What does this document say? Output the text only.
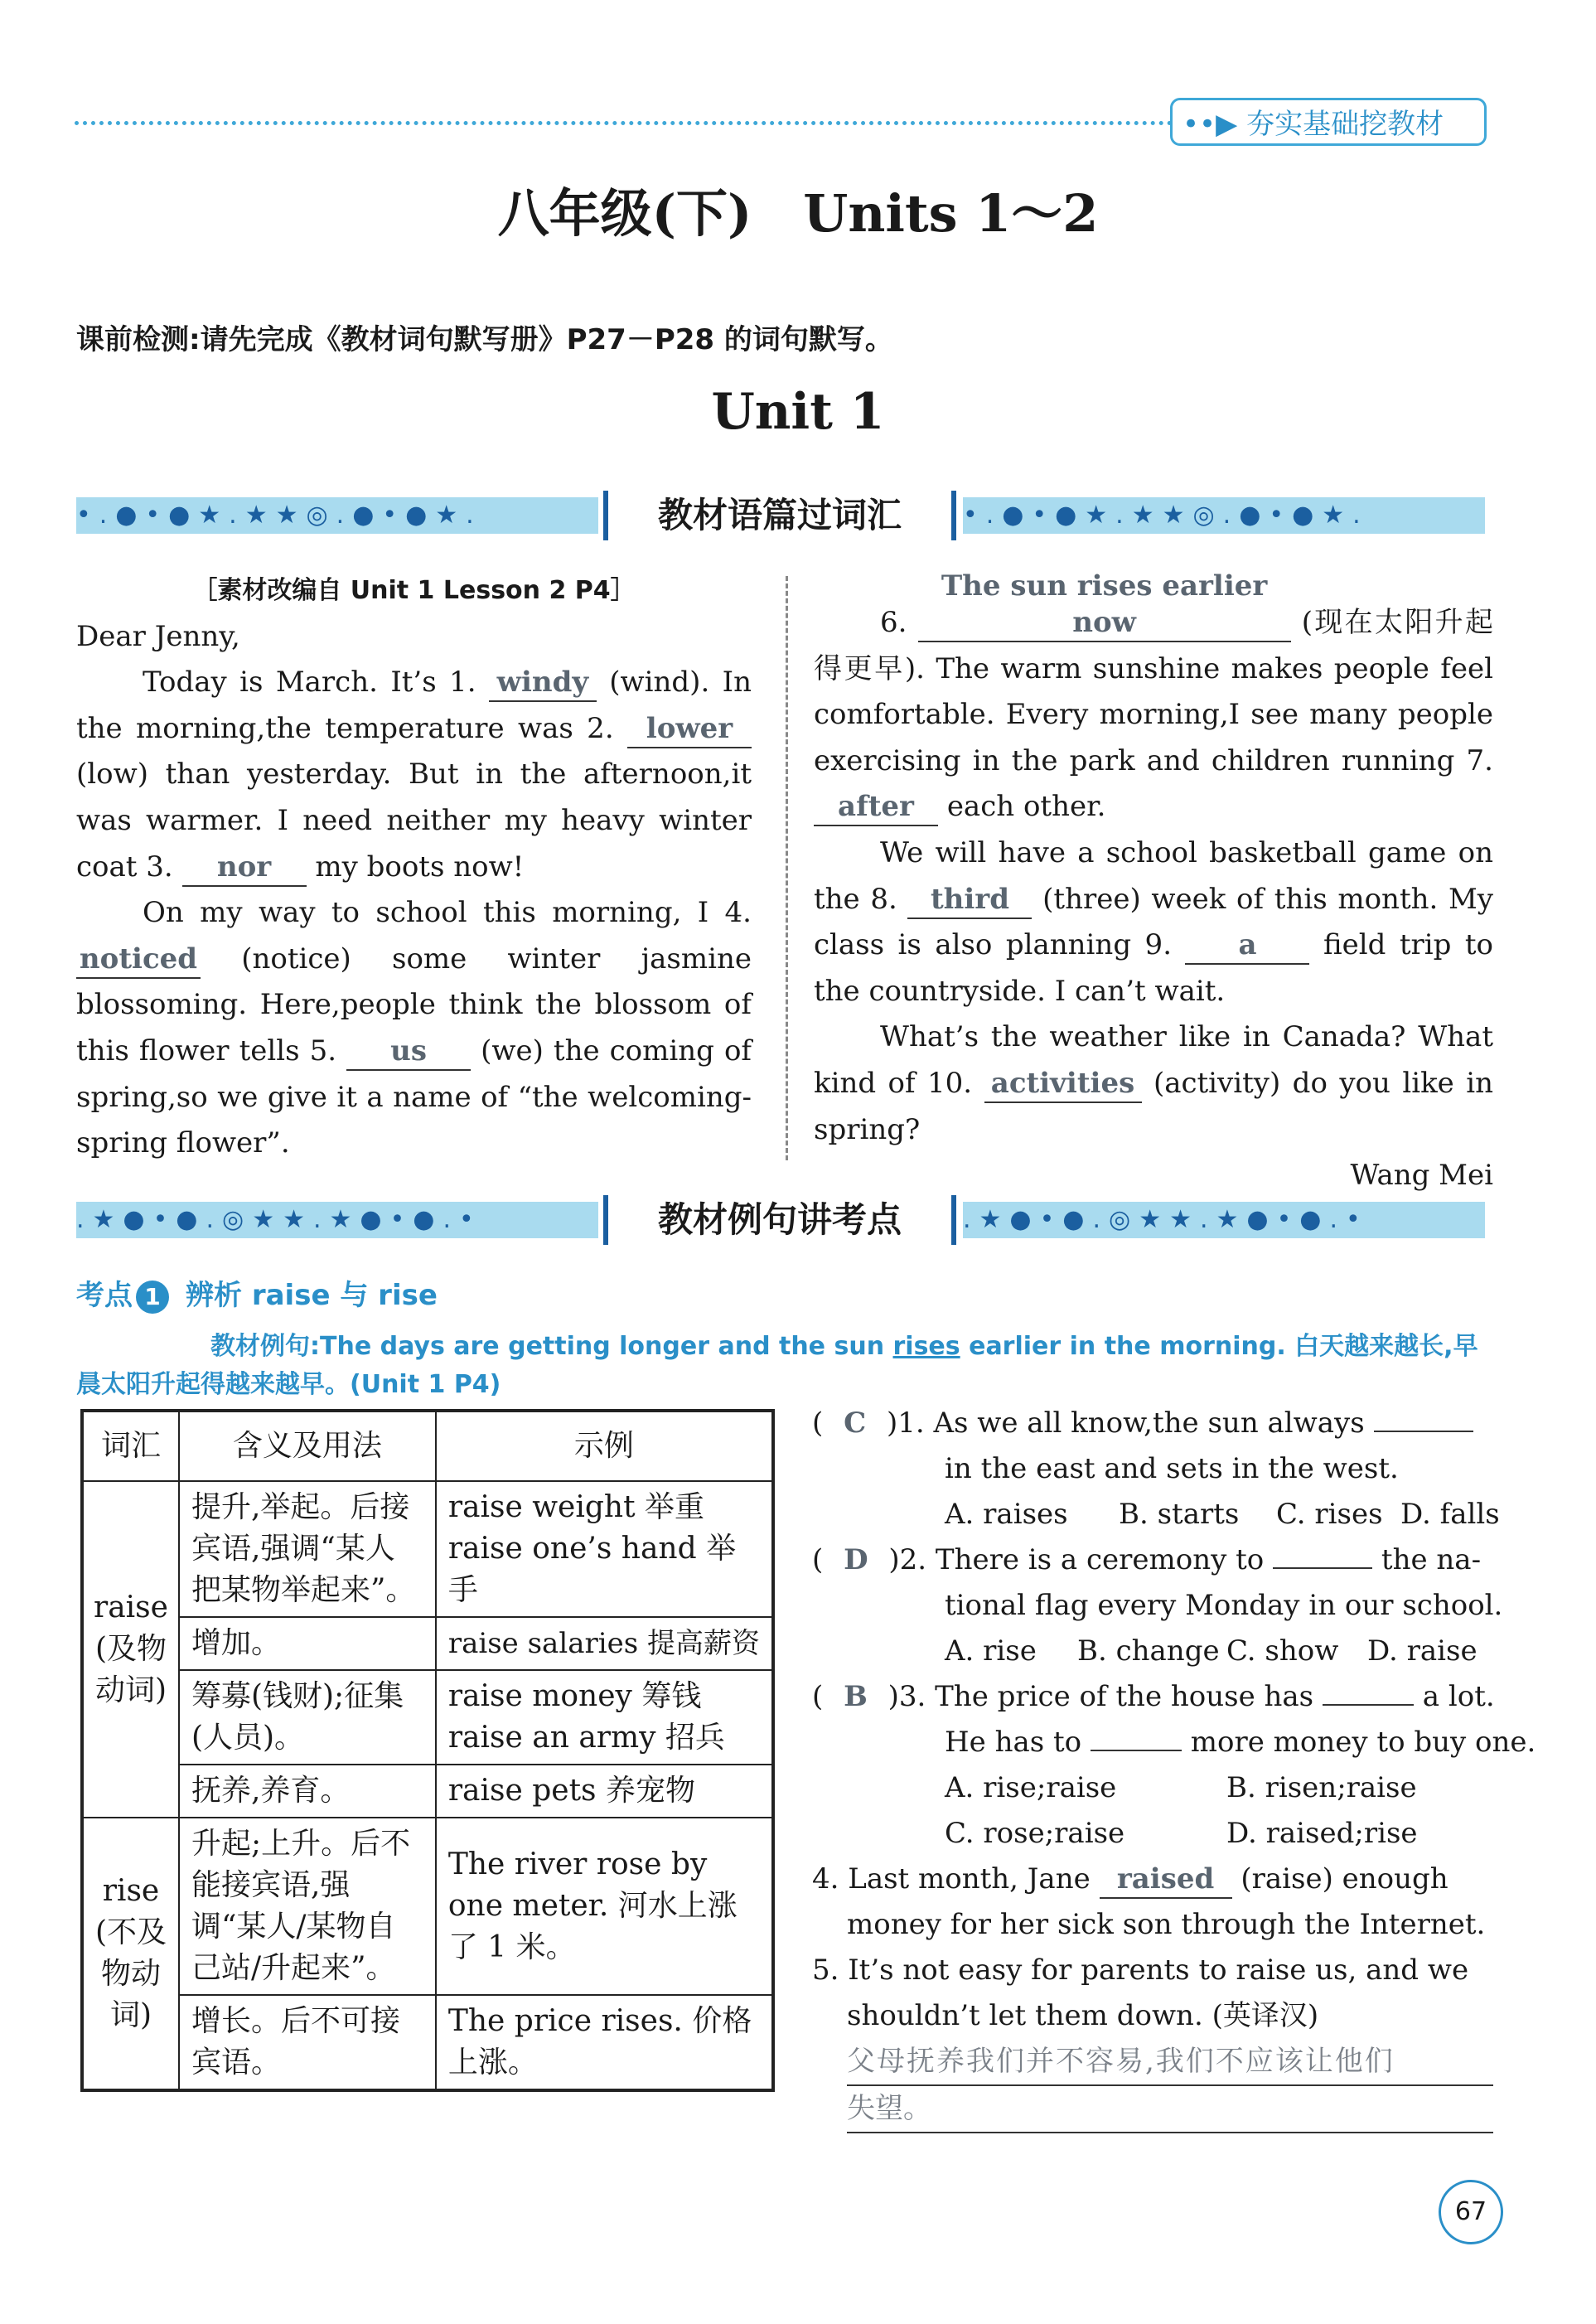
••▶ 夯实基础挖教材
八年级(下)　Units 1～2
课前检测:请先完成《教材词句默写册》P27－P28 的词句默写。
Unit 1
•.●•●★.★★◎.●•●★.	教材语篇过词汇	•.●•●★.★★◎.●•●★.

［素材改编自 Unit 1 Lesson 2 P4］

Dear Jenny,

Today is March. It’s 1. windy (wind). In the morning,the temperature was 2. lower (low) than yesterday. But in the afternoon,it was warmer. I need neither my heavy winter coat 3. nor my boots now!

On my way to school this morning, I 4. noticed (notice) some winter jasmine blossoming. Here,people think the blossom of this flower tells 5. us (we) the coming of spring,so we give it a name of “the welcoming-spring flower”.

6. The sun rises earlier now	(现在太阳升起得更早). The warm sunshine makes people feel comfortable. Every morning,I see many people exercising in the park and children running 7. after each other.

We will have a school basketball game on the 8. third (three) week of this month. My class is also planning 9. a field trip to the countryside. I can’t wait.

What’s the weather like in Canada? What kind of 10. activities (activity) do you like in spring?

Wang Mei

.★●•●.◎★★.★●•●.•	教材例句讲考点	.★●•●.◎★★.★●•●.•
考点 1 辨析 raise 与 rise
教材例句:The days are getting longer and the sun rises earlier in the morning. 白天越来越长,早晨太阳升起得越来越早。(Unit 1 P4)
词汇	含义及用法	示例
raise
(及物动词)	提升,举起。后接宾语,强调“某人把某物举起来”。	raise weight 举重
raise one’s hand 举手
	增加。	raise salaries 提高薪资
	筹募(钱财);征集(人员)。	raise money 筹钱
raise an army 招兵
	抚养,养育。	raise pets 养宠物
rise
(不及物动词)	升起;上升。后不能接宾语,强调“某人/某物自己站/升起来”。	The river rose by one meter. 河水上涨了 1 米。
	增长。后不可接宾语。	The price rises. 价格上涨。
( C )1. As we all know,the sun always
in the east and sets in the west.
A. raises B. starts C. rises D. falls
( D )2. There is a ceremony to	the na-
tional flag every Monday in our school.
A. rise B. change C. show D. raise
( B )3. The price of the house has	a lot.
He has to	more money to buy one.
A. rise;raise	B. risen;raise
C. rose;raise	D. raised;rise
4. Last month, Jane raised (raise) enough
money for her sick son through the Internet.
5. It’s not easy for parents to raise us, and we
shouldn’t let them down. (英译汉)
父母抚养我们并不容易,我们不应该让他们
失望。
67
